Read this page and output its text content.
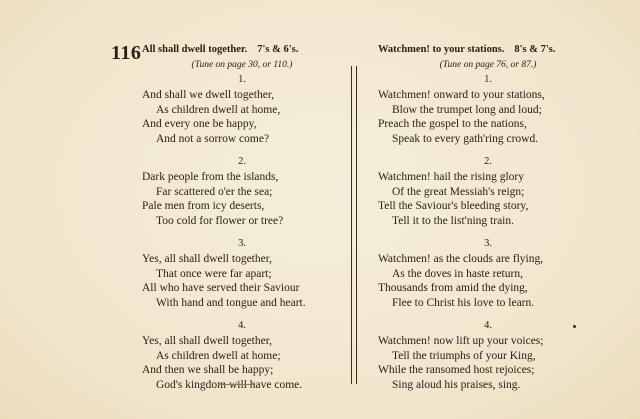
116 All shall dwell together. 7's & 6's.
(Tune on page 30, or 110.)
1.
And shall we dwell together,
As children dwell at home,
And every one be happy,
And not a sorrow come?
2.
Dark people from the islands,
Far scattered o'er the sea;
Pale men from icy deserts,
Too cold for flower or tree?
3.
Yes, all shall dwell together,
That once were far apart;
All who have served their Saviour
With hand and tongue and heart.
4.
Yes, all shall dwell together,
As children dwell at home;
And then we shall be happy;
God's kingdom will have come.
Watchmen! to your stations. 8's & 7's.
(Tune on page 76, or 87.)
1.
Watchmen! onward to your stations,
Blow the trumpet long and loud;
Preach the gospel to the nations,
Speak to every gath'ring crowd.
2.
Watchmen! hail the rising glory
Of the great Messiah's reign;
Tell the Saviour's bleeding story,
Tell it to the list'ning train.
3.
Watchmen! as the clouds are flying,
As the doves in haste return,
Thousands from amid the dying,
Flee to Christ his love to learn.
4.
Watchmen! now lift up your voices;
Tell the triumphs of your King,
While the ransomed host rejoices;
Sing aloud his praises, sing.
